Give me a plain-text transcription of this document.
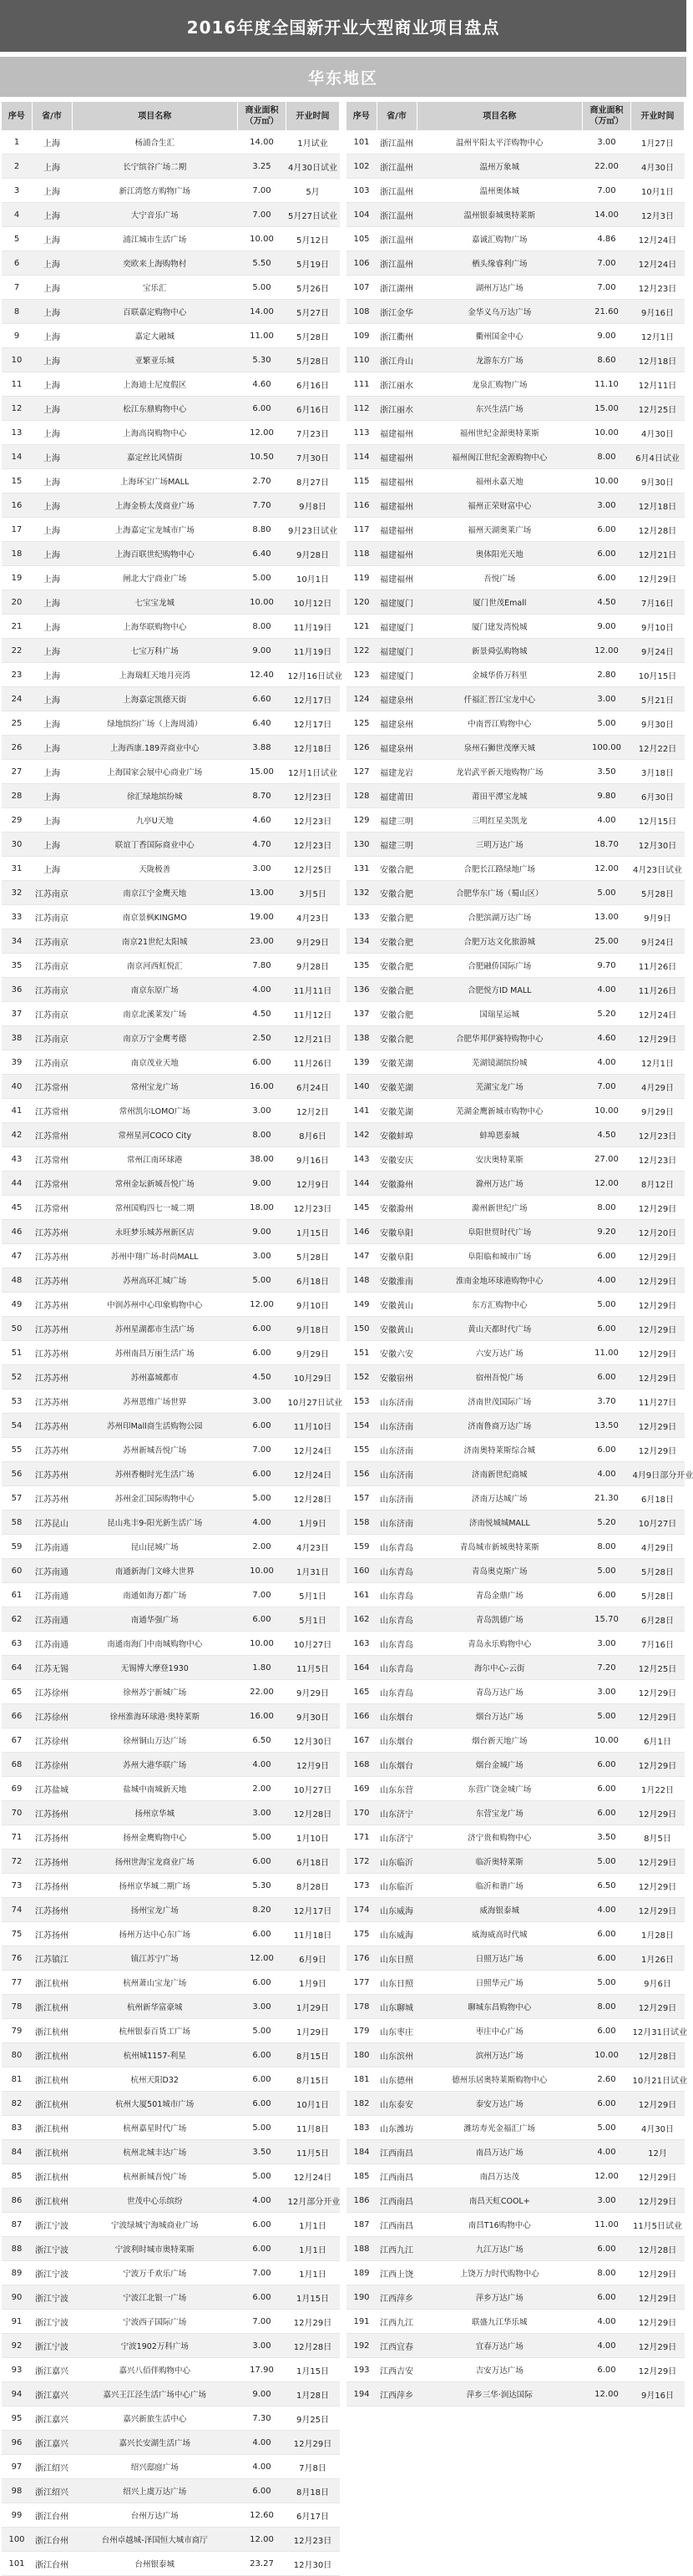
2016年度全国新开业大型商业项目盘点
华东地区
序号	省/市	项目名称	商业面积（万㎡）	开业时间
1	上海	杨浦合生汇	14.00	1月试业
2	上海	长宁缤谷广场二期	3.25	4月30日试业
3	上海	新江湾悠方购物广场	7.00	5月
4	上海	大宁音乐广场	7.00	5月27日试业
5	上海	浦江城市生活广场	10.00	5月12日
6	上海	奕欧来上海购物村	5.50	5月19日
7	上海	宝乐汇	5.00	5月26日
8	上海	百联嘉定购物中心	14.00	5月27日
9	上海	嘉定大融城	11.00	5月28日
10	上海	亚繁亚乐城	5.30	5月28日
11	上海	上海迪士尼度假区	4.60	6月16日
12	上海	松江东鼎购物中心	6.00	6月16日
13	上海	上海高岗购物中心	12.00	7月23日
14	上海	嘉定丝比风情街	10.50	7月30日
15	上海	上海环宝广场MALL	2.70	8月27日
16	上海	上海金桥太茂商业广场	7.70	9月8日
17	上海	上海嘉定宝龙城市广场	8.80	9月23日试业
18	上海	上海百联世纪购物中心	6.40	9月28日
19	上海	闸北大宁商业广场	5.00	10月1日
20	上海	七宝宝龙城	10.00	10月12日
21	上海	上海华联购物中心	8.00	11月19日
22	上海	七宝万科广场	9.00	11月19日
23	上海	上海瑞虹天地月亮湾	12.40	12月16日试业
24	上海	上海嘉定凯德天街	6.60	12月17日
25	上海	绿地缤纷广场（上海周浦）	6.40	12月17日
26	上海	上海西康.189弄商业中心	3.88	12月18日
27	上海	上海国家会展中心商业广场	15.00	12月1日试业
28	上海	徐汇绿地缤纷城	8.70	12月23日
29	上海	九亭U天地	4.60	12月23日
30	上海	联谊丁香国际商业中心	4.70	12月23日
31	上海	天陇极善	3.00	12月25日
32	江苏南京	南京江宁金鹰天地	13.00	3月5日
33	江苏南京	南京景枫KINGMO	19.00	4月23日
34	江苏南京	南京21世纪太阳城	23.00	9月29日
35	江苏南京	南京河西虹悦汇	7.80	9月28日
36	江苏南京	南京东原广场	4.00	11月11日
37	江苏南京	南京北溪莱发广场	4.50	11月12日
38	江苏南京	南京万宁金鹰考德	2.50	12月21日
39	江苏南京	南京茂业天地	6.00	11月26日
40	江苏常州	常州宝龙广场	16.00	6月24日
41	江苏常州	常州凯尔LOMO广场	3.00	12月2日
42	江苏常州	常州星河COCO City	8.00	8月6日
43	江苏常州	常州江南环球港	38.00	9月16日
44	江苏常州	常州金坛新城吾悦广场	9.00	12月9日
45	江苏常州	常州国购四七一城二期	18.00	12月23日
46	江苏苏州	永旺梦乐城苏州新区店	9.00	1月15日
47	江苏苏州	苏州中翔广场-时尚MALL	3.00	5月28日
48	江苏苏州	苏州高环汇城广场	5.00	6月18日
49	江苏苏州	中润苏州中心印象购物中心	12.00	9月10日
50	江苏苏州	苏州星湖都市生活广场	6.00	9月18日
51	江苏苏州	苏州南昌万丽生活广场	6.00	9月29日
52	江苏苏州	苏州嘉城都市	4.50	10月29日
53	江苏苏州	苏州恩维广场世界	3.00	10月27日试业
54	江苏苏州	苏州印Mall商生活购物公园	6.00	11月10日
55	江苏苏州	苏州新城吾悦广场	7.00	12月24日
56	江苏苏州	苏州香榭时光生活广场	6.00	12月24日
57	江苏苏州	苏州金汇国际购物中心	5.00	12月28日
58	江苏昆山	昆山兆丰9-阳光新生活广场	4.00	1月9日
59	江苏南通	昆山昆城广场	2.00	4月23日
60	江苏南通	南通新海门文峰大世界	10.00	1月31日
61	江苏南通	南通如海万都广场	7.00	5月1日
62	江苏南通	南通华强广场	6.00	5月1日
63	江苏南通	南通南海门中南城购物中心	10.00	10月27日
64	江苏无锡	无锡博大摩登1930	1.80	11月5日
65	江苏徐州	徐州苏宁新城广场	22.00	9月29日
66	江苏徐州	徐州淮海环球港·奥特莱斯	16.00	9月30日
67	江苏徐州	徐州铜山万达广场	6.50	12月30日
68	江苏徐州	苏州大港华联广场	4.00	12月9日
69	江苏盐城	盐城中南城新天地	2.00	10月27日
70	江苏扬州	扬州京华城	3.00	12月28日
71	江苏扬州	扬州金鹰购物中心	5.00	1月10日
72	江苏扬州	扬州世海宝龙商业广场	6.00	6月18日
73	江苏扬州	扬州京华城二期广场	5.30	8月28日
74	江苏扬州	扬州宝龙广场	8.20	12月17日
75	江苏扬州	扬州万达中心东广场	6.00	11月18日
76	江苏镇江	镇江苏宁广场	12.00	6月9日
77	浙江杭州	杭州萧山宝龙广场	6.00	1月9日
78	浙江杭州	杭州新华富豪城	3.00	1月29日
79	浙江杭州	杭州银泰百货工广场	5.00	1月29日
80	浙江杭州	杭州城1157-利星	6.00	8月15日
81	浙江杭州	杭州天阳D32	6.00	8月15日
82	浙江杭州	杭州大厦501城市广场	6.00	10月1日
83	浙江杭州	杭州嘉星时代广场	5.00	11月8日
84	浙江杭州	杭州北城丰达广场	3.50	11月5日
85	浙江杭州	杭州新城吾悦广场	5.00	12月24日
86	浙江杭州	世茂中心乐缤纷	4.00	12月部分开业
87	浙江宁波	宁波绿城宁海城商业广场	6.00	1月1日
88	浙江宁波	宁波利时城市奥特莱斯	6.00	1月1日
89	浙江宁波	宁波万千欢乐广场	7.00	1月1日
90	浙江宁波	宁波江北银一广场	6.00	1月15日
91	浙江宁波	宁波西子国际广场	7.00	12月29日
92	浙江宁波	宁波1902万科广场	3.00	12月28日
93	浙江嘉兴	嘉兴八佰伴购物中心	17.90	1月15日
94	浙江嘉兴	嘉兴王江泾生活广场中心广场	9.00	1月28日
95	浙江嘉兴	嘉兴新旅生活中心	7.30	9月25日
96	浙江嘉兴	嘉兴长安湖生活广场	4.00	12月29日
97	浙江绍兴	绍兴邸庭广场	4.00	7月8日
98	浙江绍兴	绍兴上虞万达广场	6.00	8月18日
99	浙江台州	台州万达广场	12.60	6月17日
100	浙江台州	台州卓越城-泽国恒大城市商厅	12.00	12月23日
101	浙江台州	台州银泰城	23.27	12月30日
序号	省/市	项目名称	商业面积（万㎡）	开业时间
101	浙江温州	温州平阳太平洋购物中心	3.00	1月27日
102	浙江温州	温州万象城	22.00	4月30日
103	浙江温州	温州奥体城	7.00	10月1日
104	浙江温州	温州银泰城奥特莱斯	14.00	12月3日
105	浙江温州	嘉诚汇购物广场	4.86	12月24日
106	浙江温州	栖头缘睿利广场	7.00	12月24日
107	浙江湖州	湖州万达广场	7.00	12月23日
108	浙江金华	金华义乌万达广场	21.60	9月16日
109	浙江衢州	衢州国金中心	9.00	12月1日
110	浙江舟山	龙游东方广场	8.60	12月18日
111	浙江丽水	龙泉汇购物广场	11.10	12月11日
112	浙江丽水	东兴生活广场	15.00	12月25日
113	福建福州	福州世纪金源奥特莱斯	10.00	4月30日
114	福建福州	福州闽江世纪金源购物中心	8.00	6月4日试业
115	福建福州	福州永嘉天地	10.00	9月30日
116	福建福州	福州正荣财富中心	3.00	12月18日
117	福建福州	福州天湖奥莱广场	6.00	12月28日
118	福建福州	奥体阳光天地	6.00	12月21日
119	福建福州	吾悦广场	6.00	12月29日
120	福建厦门	厦门世茂Emall	4.50	7月16日
121	福建厦门	厦门建发湾悦城	9.00	9月10日
122	福建厦门	新景舜弘购物城	12.00	9月24日
123	福建厦门	金城华侨万科里	2.80	10月15日
124	福建泉州	仟福汇晋江宝龙中心	3.00	5月21日
125	福建泉州	中南晋江购物中心	5.00	9月30日
126	福建泉州	泉州石狮世茂摩天城	100.00	12月22日
127	福建龙岩	龙岩武平新天地购物广场	3.50	3月18日
128	福建莆田	莆田平潭宝龙城	9.80	6月30日
129	福建三明	三明红星美凯龙	4.00	12月15日
130	福建三明	三明万达广场	18.70	12月30日
131	安徽合肥	合肥长江路绿地广场	12.00	4月23日试业
132	安徽合肥	合肥华东广场（蜀山区）	5.00	5月28日
133	安徽合肥	合肥滨湖万达广场	13.00	9月9日
134	安徽合肥	合肥万达文化旅游城	25.00	9月24日
135	安徽合肥	合肥融侨国际广场	9.70	11月26日
136	安徽合肥	合肥悦方ID MALL	4.00	11月26日
137	安徽合肥	国瑞星运城	5.20	12月24日
138	安徽合肥	合肥华邦伊赛特购物中心	4.60	12月29日
139	安徽芜湖	芜湖镜湖缤纷城	4.00	12月1日
140	安徽芜湖	芜湖宝龙广场	7.00	4月29日
141	安徽芜湖	芜湖金鹰新城市购物中心	10.00	9月29日
142	安徽蚌埠	蚌埠恩泰城	4.50	12月23日
143	安徽安庆	安庆奥特莱斯	27.00	12月23日
144	安徽滁州	滁州万达广场	12.00	8月12日
145	安徽滁州	滁州新世纪广场	8.00	12月29日
146	安徽阜阳	阜阳世贸时代广场	9.20	12月20日
147	安徽阜阳	阜阳临和城市广场	6.00	12月29日
148	安徽淮南	淮南金地环球港购物中心	4.00	12月29日
149	安徽黄山	东方汇购物中心	5.00	12月29日
150	安徽黄山	黄山天都时代广场	6.00	12月29日
151	安徽六安	六安万达广场	11.00	12月29日
152	安徽宿州	宿州吾悦广场	6.00	12月29日
153	山东济南	济南世茂国际广场	3.70	11月27日
154	山东济南	济南鲁商万达广场	13.50	12月29日
155	山东济南	济南奥特莱斯综合城	6.00	12月29日
156	山东济南	济南新世纪商城	4.00	4月9日部分开业
157	山东济南	济南万达城广场	21.30	6月18日
158	山东济南	济南悦城城MALL	5.20	10月27日
159	山东青岛	青岛城市新城奥特莱斯	8.00	4月29日
160	山东青岛	青岛奥克斯广场	5.00	5月28日
161	山东青岛	青岛金鼎广场	6.00	5月28日
162	山东青岛	青岛凯德广场	15.70	6月28日
163	山东青岛	青岛永乐购物中心	3.00	7月16日
164	山东青岛	海尔中心-云街	7.20	12月25日
165	山东青岛	青岛万达广场	3.00	12月29日
166	山东烟台	烟台万达广场	5.00	12月29日
167	山东烟台	烟台新天地广场	10.00	6月1日
168	山东烟台	烟台金城广场	6.00	12月29日
169	山东东营	东营广饶金城广场	6.00	1月22日
170	山东济宁	东营宝龙广场	6.00	12月29日
171	山东济宁	济宁贵和购物中心	3.50	8月5日
172	山东临沂	临沂奥特莱斯	5.00	12月29日
173	山东临沂	临沂和谐广场	6.50	12月29日
174	山东威海	威海银泰城	4.00	12月29日
175	山东威海	威海威高时代城	6.00	1月28日
176	山东日照	日照万达广场	6.00	1月26日
177	山东日照	日照华元广场	5.00	9月6日
178	山东聊城	聊城东昌购物中心	8.00	12月29日
179	山东枣庄	枣庄中心广场	6.00	12月31日试业
180	山东滨州	滨州万达广场	10.00	12月28日
181	山东德州	德州乐居奥特莱斯购物中心	2.60	10月21日试业
182	山东泰安	泰安万达广场	6.00	12月29日
183	山东潍坊	潍坊寿光金福汇广场	5.00	4月30日
184	江西南昌	南昌万达广场	4.00	12月
185	江西南昌	南昌万达茂	12.00	12月29日
186	江西南昌	南昌天虹COOL+	3.00	12月29日
187	江西南昌	南昌T16购物中心	11.00	11月5日试业
188	江西九江	九江万达广场	6.00	12月28日
189	江西上饶	上饶万力时代购物中心	8.00	12月29日
190	江西萍乡	萍乡万达广场	6.00	12月29日
191	江西九江	联盛九江华乐城	4.00	12月29日
192	江西宜春	宜春万达广场	4.00	12月29日
193	江西吉安	吉安万达广场	6.00	12月29日
194	江西萍乡	萍乡三华·润达国际	12.00	9月16日
